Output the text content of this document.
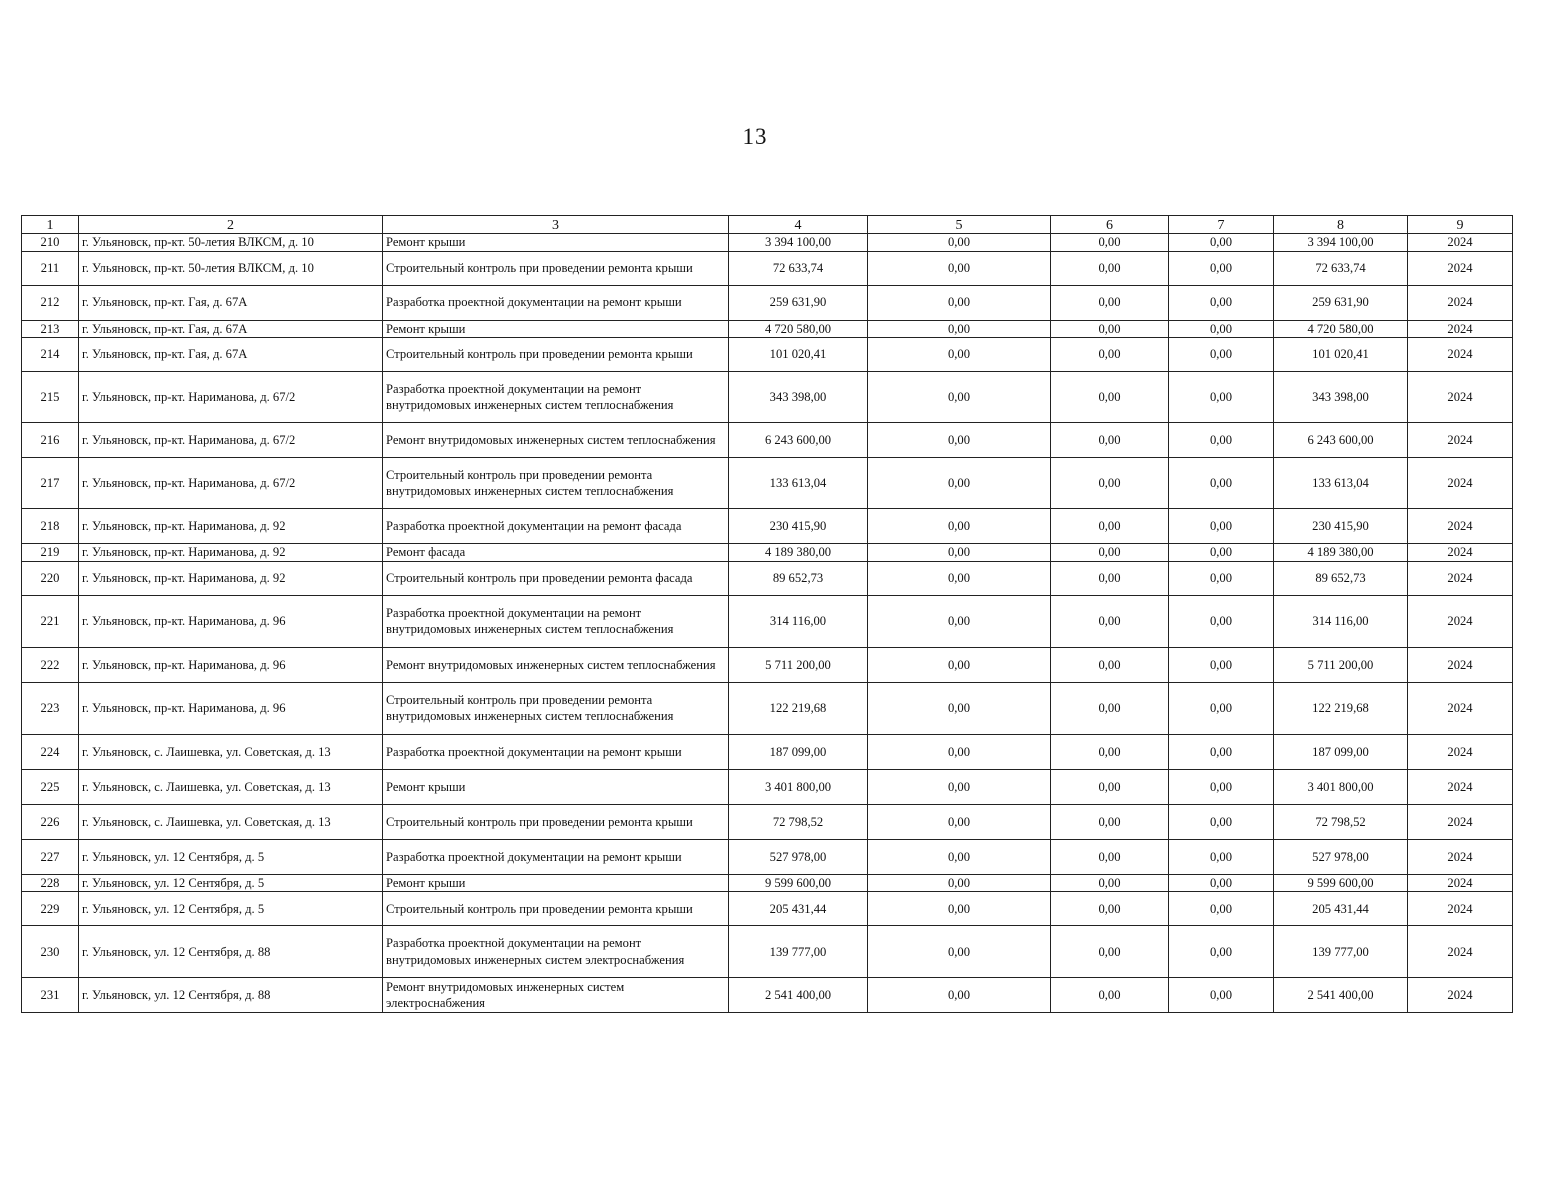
13
1	2	3	4	5	6	7	8	9
210	г. Ульяновск, пр-кт. 50-летия ВЛКСМ, д. 10	Ремонт крыши	3 394 100,00	0,00	0,00	0,00	3 394 100,00	2024
211	г. Ульяновск, пр-кт. 50-летия ВЛКСМ, д. 10	Строительный контроль при проведении ремонта крыши	72 633,74	0,00	0,00	0,00	72 633,74	2024
212	г. Ульяновск, пр-кт. Гая, д. 67А	Разработка проектной документации на ремонт крыши	259 631,90	0,00	0,00	0,00	259 631,90	2024
213	г. Ульяновск, пр-кт. Гая, д. 67А	Ремонт крыши	4 720 580,00	0,00	0,00	0,00	4 720 580,00	2024
214	г. Ульяновск, пр-кт. Гая, д. 67А	Строительный контроль при проведении ремонта крыши	101 020,41	0,00	0,00	0,00	101 020,41	2024
215	г. Ульяновск, пр-кт. Нариманова, д. 67/2	Разработка проектной документации на ремонт внутридомовых инженерных систем теплоснабжения	343 398,00	0,00	0,00	0,00	343 398,00	2024
216	г. Ульяновск, пр-кт. Нариманова, д. 67/2	Ремонт внутридомовых инженерных систем теплоснабжения	6 243 600,00	0,00	0,00	0,00	6 243 600,00	2024
217	г. Ульяновск, пр-кт. Нариманова, д. 67/2	Строительный контроль при проведении ремонта внутридомовых инженерных систем теплоснабжения	133 613,04	0,00	0,00	0,00	133 613,04	2024
218	г. Ульяновск, пр-кт. Нариманова, д. 92	Разработка проектной документации на ремонт фасада	230 415,90	0,00	0,00	0,00	230 415,90	2024
219	г. Ульяновск, пр-кт. Нариманова, д. 92	Ремонт фасада	4 189 380,00	0,00	0,00	0,00	4 189 380,00	2024
220	г. Ульяновск, пр-кт. Нариманова, д. 92	Строительный контроль при проведении ремонта фасада	89 652,73	0,00	0,00	0,00	89 652,73	2024
221	г. Ульяновск, пр-кт. Нариманова, д. 96	Разработка проектной документации на ремонт внутридомовых инженерных систем теплоснабжения	314 116,00	0,00	0,00	0,00	314 116,00	2024
222	г. Ульяновск, пр-кт. Нариманова, д. 96	Ремонт внутридомовых инженерных систем теплоснабжения	5 711 200,00	0,00	0,00	0,00	5 711 200,00	2024
223	г. Ульяновск, пр-кт. Нариманова, д. 96	Строительный контроль при проведении ремонта внутридомовых инженерных систем теплоснабжения	122 219,68	0,00	0,00	0,00	122 219,68	2024
224	г. Ульяновск, с. Лаишевка, ул. Советская, д. 13	Разработка проектной документации на ремонт крыши	187 099,00	0,00	0,00	0,00	187 099,00	2024
225	г. Ульяновск, с. Лаишевка, ул. Советская, д. 13	Ремонт крыши	3 401 800,00	0,00	0,00	0,00	3 401 800,00	2024
226	г. Ульяновск, с. Лаишевка, ул. Советская, д. 13	Строительный контроль при проведении ремонта крыши	72 798,52	0,00	0,00	0,00	72 798,52	2024
227	г. Ульяновск, ул. 12 Сентября, д. 5	Разработка проектной документации на ремонт крыши	527 978,00	0,00	0,00	0,00	527 978,00	2024
228	г. Ульяновск, ул. 12 Сентября, д. 5	Ремонт крыши	9 599 600,00	0,00	0,00	0,00	9 599 600,00	2024
229	г. Ульяновск, ул. 12 Сентября, д. 5	Строительный контроль при проведении ремонта крыши	205 431,44	0,00	0,00	0,00	205 431,44	2024
230	г. Ульяновск, ул. 12 Сентября, д. 88	Разработка проектной документации на ремонт внутридомовых инженерных систем электроснабжения	139 777,00	0,00	0,00	0,00	139 777,00	2024
231	г. Ульяновск, ул. 12 Сентября, д. 88	Ремонт внутридомовых инженерных систем электроснабжения	2 541 400,00	0,00	0,00	0,00	2 541 400,00	2024
